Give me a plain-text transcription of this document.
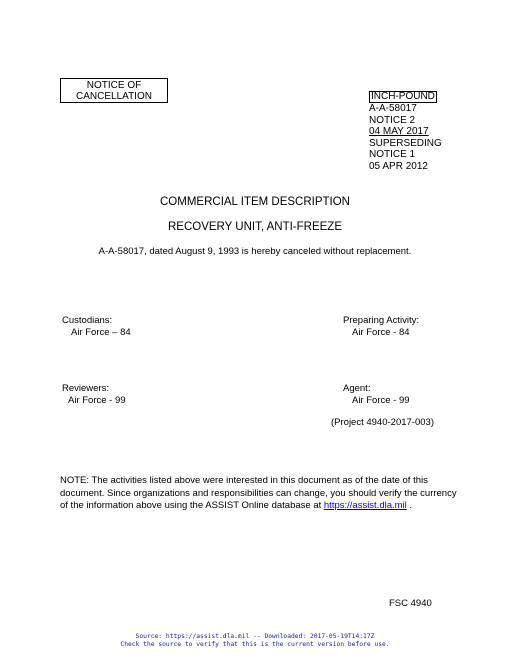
NOTICE OF
CANCELLATION	INCH-POUND
A-A-58017
NOTICE 2
04 MAY 2017
SUPERSEDING
NOTICE 1
05 APR 2012
COMMERCIAL ITEM DESCRIPTION
RECOVERY UNIT, ANTI-FREEZE
A-A-58017, dated August 9, 1993 is hereby canceled without replacement.
Custodians:
Air Force – 84
Preparing Activity:
Air Force - 84
Reviewers:
Air Force - 99
Agent:
Air Force - 99
(Project 4940-2017-003)
NOTE: The activities listed above were interested in this document as of the date of this
document. Since organizations and responsibilities can change, you should verify the currency
of the information above using the ASSIST Online database at https://assist.dla.mil .
FSC 4940
Source: https://assist.dla.mil -- Downloaded: 2017-05-19T14:17Z
Check the source to verify that this is the current version before use.
